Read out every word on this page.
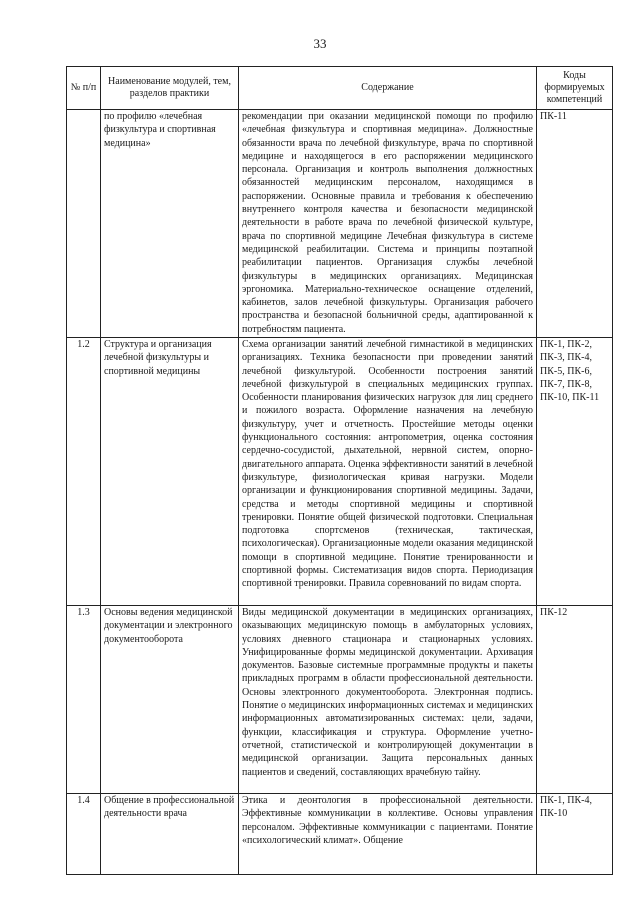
33
№ п/п	Наименование модулей, тем, разделов практики	Содержание	Коды формируемых компетенций
	по профилю «лечебная физкультура и спортивная медицина»	рекомендации при оказании медицинской помощи по профилю «лечебная физкультура и спортивная медицина». Должностные обязанности врача по лечебной физкультуре, врача по спортивной медицине и находящегося в его распоряжении медицинского персонала. Организация и контроль выполнения должностных обязанностей медицинским персоналом, находящимся в распоряжении. Основные правила и требования к обеспечению внутреннего контроля качества и безопасности медицинской деятельности в работе врача по лечебной физической культуре, врача по спортивной медицине Лечебная физкультура в системе медицинской реабилитации. Система и принципы поэтапной реабилитации пациентов. Организация службы лечебной физкультуры в медицинских организациях. Медицинская эргономика. Материально-техническое оснащение отделений, кабинетов, залов лечебной физкультуры. Организация рабочего пространства и безопасной больничной среды, адаптированной к потребностям пациента.	ПК-11
1.2	Структура и организация лечебной физкультуры и спортивной медицины	Схема организации занятий лечебной гимнастикой в медицинских организациях. Техника безопасности при проведении занятий лечебной физкультурой. Особенности построения занятий лечебной физкультурой в специальных медицинских группах. Особенности планирования физических нагрузок для лиц среднего и пожилого возраста. Оформление назначения на лечебную физкультуру, учет и отчетность. Простейшие методы оценки функционального состояния: антропометрия, оценка состояния сердечно-сосудистой, дыхательной, нервной систем, опорно-двигательного аппарата. Оценка эффективности занятий в лечебной физкультуре, физиологическая кривая нагрузки. Модели организации и функционирования спортивной медицины. Задачи, средства и методы спортивной медицины и спортивной тренировки. Понятие общей физической подготовки. Специальная подготовка спортсменов (техническая, тактическая, психологическая). Организационные модели оказания медицинской помощи в спортивной медицине. Понятие тренированности и спортивной формы. Систематизация видов спорта. Периодизация спортивной тренировки. Правила соревнований по видам спорта.	ПК-1, ПК-2, ПК-3, ПК-4, ПК-5, ПК-6, ПК-7, ПК-8, ПК-10, ПК-11
1.3	Основы ведения медицинской документации и электронного документооборота	Виды медицинской документации в медицинских организациях, оказывающих медицинскую помощь в амбулаторных условиях, условиях дневного стационара и стационарных условиях. Унифицированные формы медицинской документации. Архивация документов. Базовые системные программные продукты и пакеты прикладных программ в области профессиональной деятельности. Основы электронного документооборота. Электронная подпись. Понятие о медицинских информационных системах и медицинских информационных автоматизированных системах: цели, задачи, функции, классификация и структура. Оформление учетно-отчетной, статистической и контролирующей документации в медицинской организации. Защита персональных данных пациентов и сведений, составляющих врачебную тайну.	ПК-12
1.4	Общение в профессиональной деятельности врача	Этика и деонтология в профессиональной деятельности. Эффективные коммуникации в коллективе. Основы управления персоналом. Эффективные коммуникации с пациентами. Понятие «психологический климат». Общение	ПК-1, ПК-4, ПК-10
